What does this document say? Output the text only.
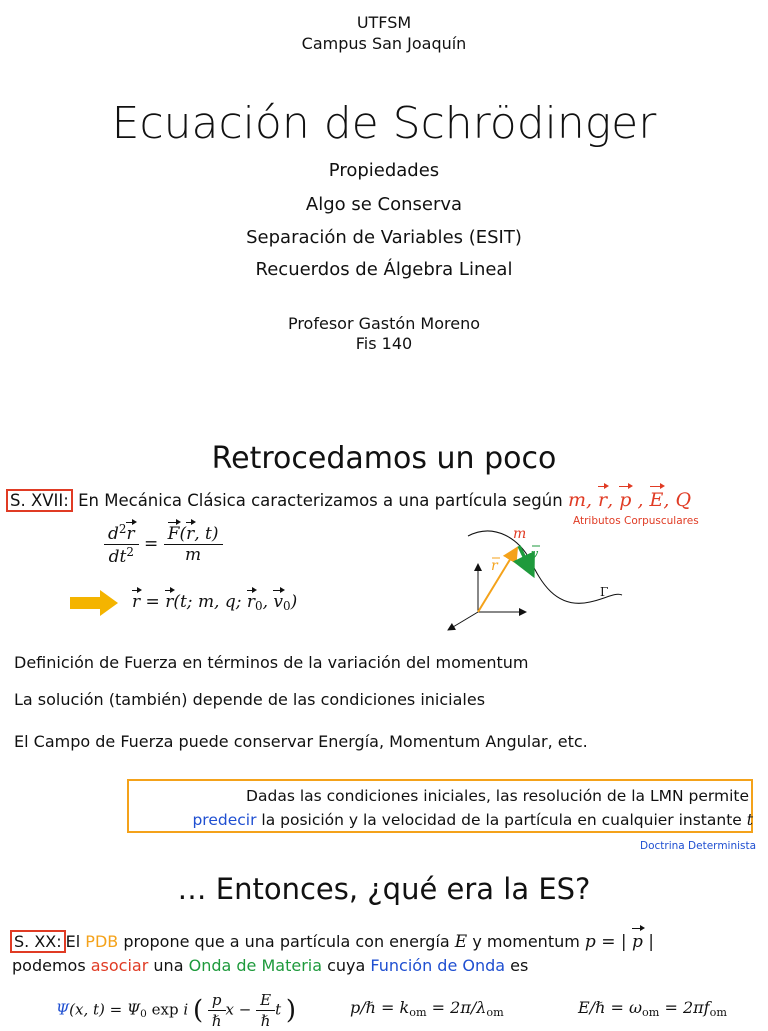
UTFSM
Campus San Joaquín
Ecuación de Schrödinger
Propiedades
Algo se Conserva
Separación de Variables (ESIT)
Recuerdos de Álgebra Lineal
Profesor Gastón Moreno
Fis 140
Retrocedamos un poco
S. XVII: En Mecánica Clásica caracterizamos a una partícula según m, r, p , E, Q
Atributos Corpusculares
$\frac{d^2r}{dt^2} = \frac{F(r, t)}{m}$
r = r(t; m, q; $r_0$, $v_0$)
m
r
v
Γ
Definición de Fuerza en términos de la variación del momentum
La solución (también) depende de las condiciones iniciales
El Campo de Fuerza puede conservar Energía, Momentum Angular, etc.
Dadas las condiciones iniciales, las resolución de la LMN permite
predecir la posición y la velocidad de la partícula en cualquier instante t
Doctrina Determinista
… Entonces, ¿qué era la ES?
S. XX: El PDB propone que a una partícula con energía E y momentum p = | p |
podemos asociar una Onda de Materia cuya Función de Onda es
Ψ(x, $t) = \Psi_0$ exp i ( $\frac{p}{\text{ℏ}}$ $x - \frac{E}{\text{ℏ}}$ t )	p/ℏ = $k_{om} = 2\pi/\lambda_{om}$	E/ℏ = $\omega_{om} = 2\pi f_{om}$
